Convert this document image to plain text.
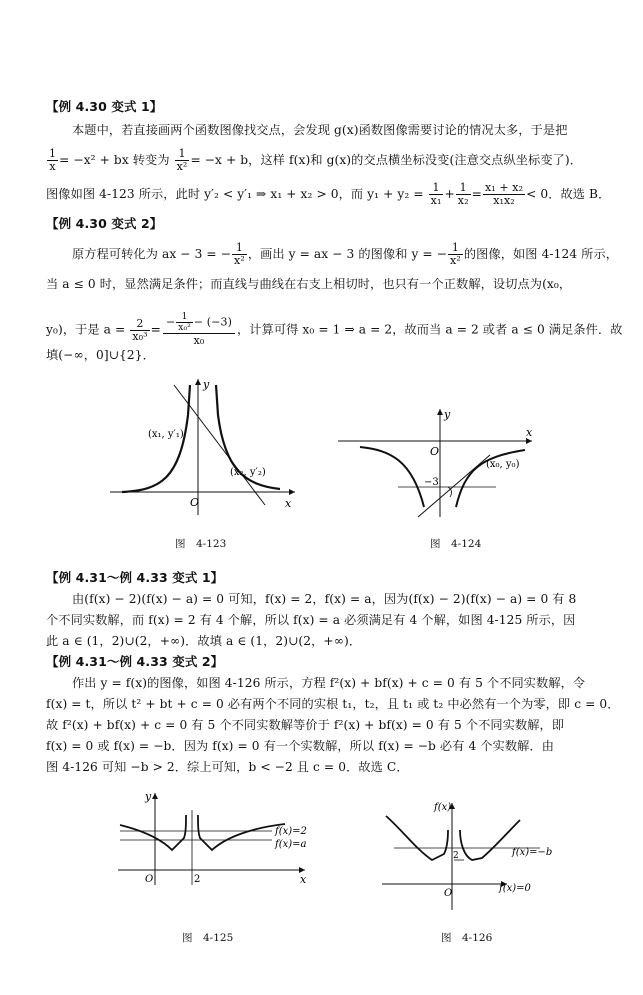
【例 4.30 变式 1】
本题中，若直接画两个函数图像找交点，会发现 g(x)函数图像需要讨论的情况太多，于是把
$\frac{1}{x} = -x^2$ + bx 转变为 $\frac{1}{\text{x²}} = -x + b$，这样 f(x)和 g(x)的交点横坐标没变(注意交点纵坐标变了)．
图像如图 4-123 所示，此时 y′₂ < y′₁ ⇒ x₁ + x₂ > 0，而 $y_1 + y_2 = \frac{1}{\text{x₁}} + \frac{1}{\text{x₂}} = \frac{\text{x₁ + x₂}}{\text{x₁x₂}} < 0$．故选 B．
【例 4.30 变式 2】
原方程可转化为 ax − 3 = − $\frac{1}{\text{x²}}$ ，画出 y = ax − 3 的图像和 y = − $\frac{1}{\text{x²}}$ 的图像，如图 4-124 所示，
当 a ≤ 0 时，显然满足条件；而直线与曲线在右支上相切时，也只有一个正数解，设切点为(x₀，
y₀)，于是 $a = \frac{2}{\text{x₀³}} = \frac{- \frac{1}{\text{x₀²}} - (-3)}{\text{x₀}}$ ，计算可得 x₀ = 1 ⇒ a = 2，故而当 a = 2 或者 a ≤ 0 满足条件．故
填(−∞，0]∪{2}．
y
x
O
(x₁, y′₁)
(x₂, y′₂)
图　4-123
y
x
O
−3
(x₀, y₀)
图　4-124
【例 4.31～例 4.33 变式 1】
由(f(x) − 2)(f(x) − a) = 0 可知，f(x) = 2，f(x) = a，因为(f(x) − 2)(f(x) − a) = 0 有 8
个不同实数解，而 f(x) = 2 有 4 个解，所以 f(x) = a 必须满足有 4 个解，如图 4-125 所示，因
此 a ∈ (1，2)∪(2，+∞)．故填 a ∈ (1，2)∪(2，+∞)．
【例 4.31～例 4.33 变式 2】
作出 y = f(x)的图像，如图 4-126 所示，方程 f²(x) + bf(x) + c = 0 有 5 个不同实数解，令
f(x) = t，所以 t² + bt + c = 0 必有两个不同的实根 t₁，t₂，且 t₁ 或 t₂ 中必然有一个为零，即 c = 0．
故 f²(x) + bf(x) + c = 0 有 5 个不同实数解等价于 f²(x) + bf(x) = 0 有 5 个不同实数解，即
f(x) = 0 或 f(x) = −b．因为 f(x) = 0 有一个实数解，所以 f(x) = −b 必有 4 个实数解．由
图 4-126 可知 −b > 2．综上可知，b < −2 且 c = 0．故选 C．
y
x
O	2
f(x)=2
f(x)=a
图　4-125
f(x)
O
2	f(x)=−b
f(x)=0
图　4-126
